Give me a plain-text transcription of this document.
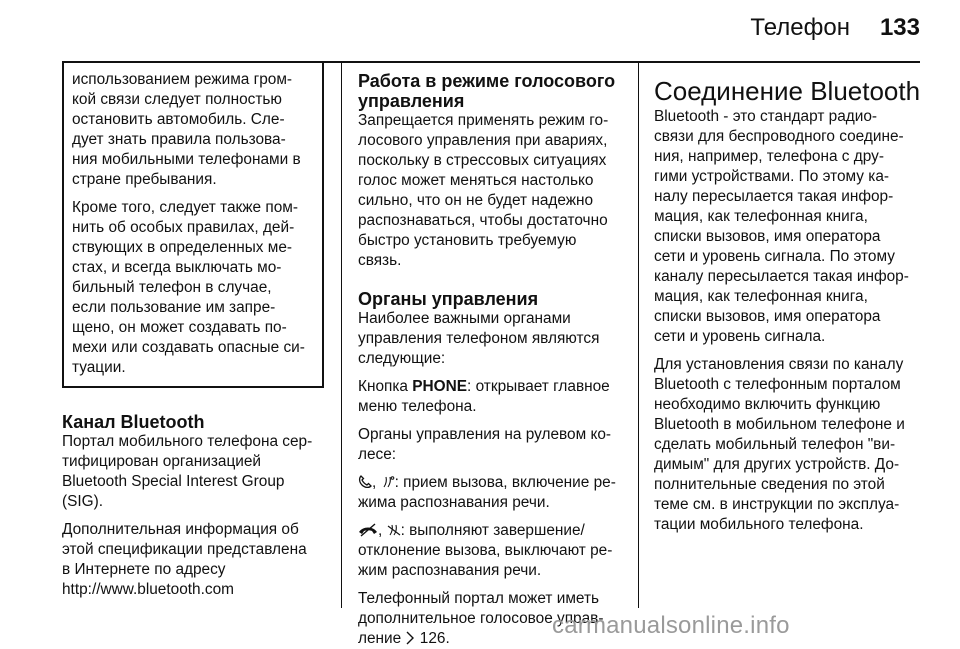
Телефон 133

использованием режима гром-
кой связи следует полностью
остановить автомобиль. Сле-
дует знать правила пользова-
ния мобильными телефонами в
стране пребывания.

Кроме того, следует также пом-
нить об особых правилах, дей-
ствующих в определенных ме-
стах, и всегда выключать мо-
бильный телефон в случае,
если пользование им запре-
щено, он может создавать по-
мехи или создавать опасные си-
туации.

Канал Bluetooth

Портал мобильного телефона сер-
тифицирован организацией
Bluetooth Special Interest Group
(SIG).

Дополнительная информация об
этой спецификации представлена
в Интернете по адресу
http://www.bluetooth.com

Работа в режиме голосового
управления

Запрещается применять режим го-
лосового управления при авариях,
поскольку в стрессовых ситуациях
голос может меняться настолько
сильно, что он не будет надежно
распознаваться, чтобы достаточно
быстро установить требуемую
связь.

Органы управления

Наиболее важными органами
управления телефоном являются
следующие:

Кнопка PHONE: открывает главное
меню телефона.

Органы управления на рулевом ко-
лесе:

, : прием вызова, включение ре-
жима распознавания речи.

, : выполняют завершение/
отклонение вызова, выключают ре-
жим распознавания речи.

Телефонный портал может иметь
дополнительное голосовое управ-
ление 126.

Соединение Bluetooth

Bluetooth - это стандарт радио-
связи для беспроводного соедине-
ния, например, телефона с дру-
гими устройствами. По этому ка-
налу пересылается такая инфор-
мация, как телефонная книга,
списки вызовов, имя оператора
сети и уровень сигнала. По этому
каналу пересылается такая инфор-
мация, как телефонная книга,
списки вызовов, имя оператора
сети и уровень сигнала.

Для установления связи по каналу
Bluetooth с телефонным порталом
необходимо включить функцию
Bluetooth в мобильном телефоне и
сделать мобильный телефон "ви-
димым" для других устройств. До-
полнительные сведения по этой
теме см. в инструкции по эксплуа-
тации мобильного телефона.

carmanualsonline.info
